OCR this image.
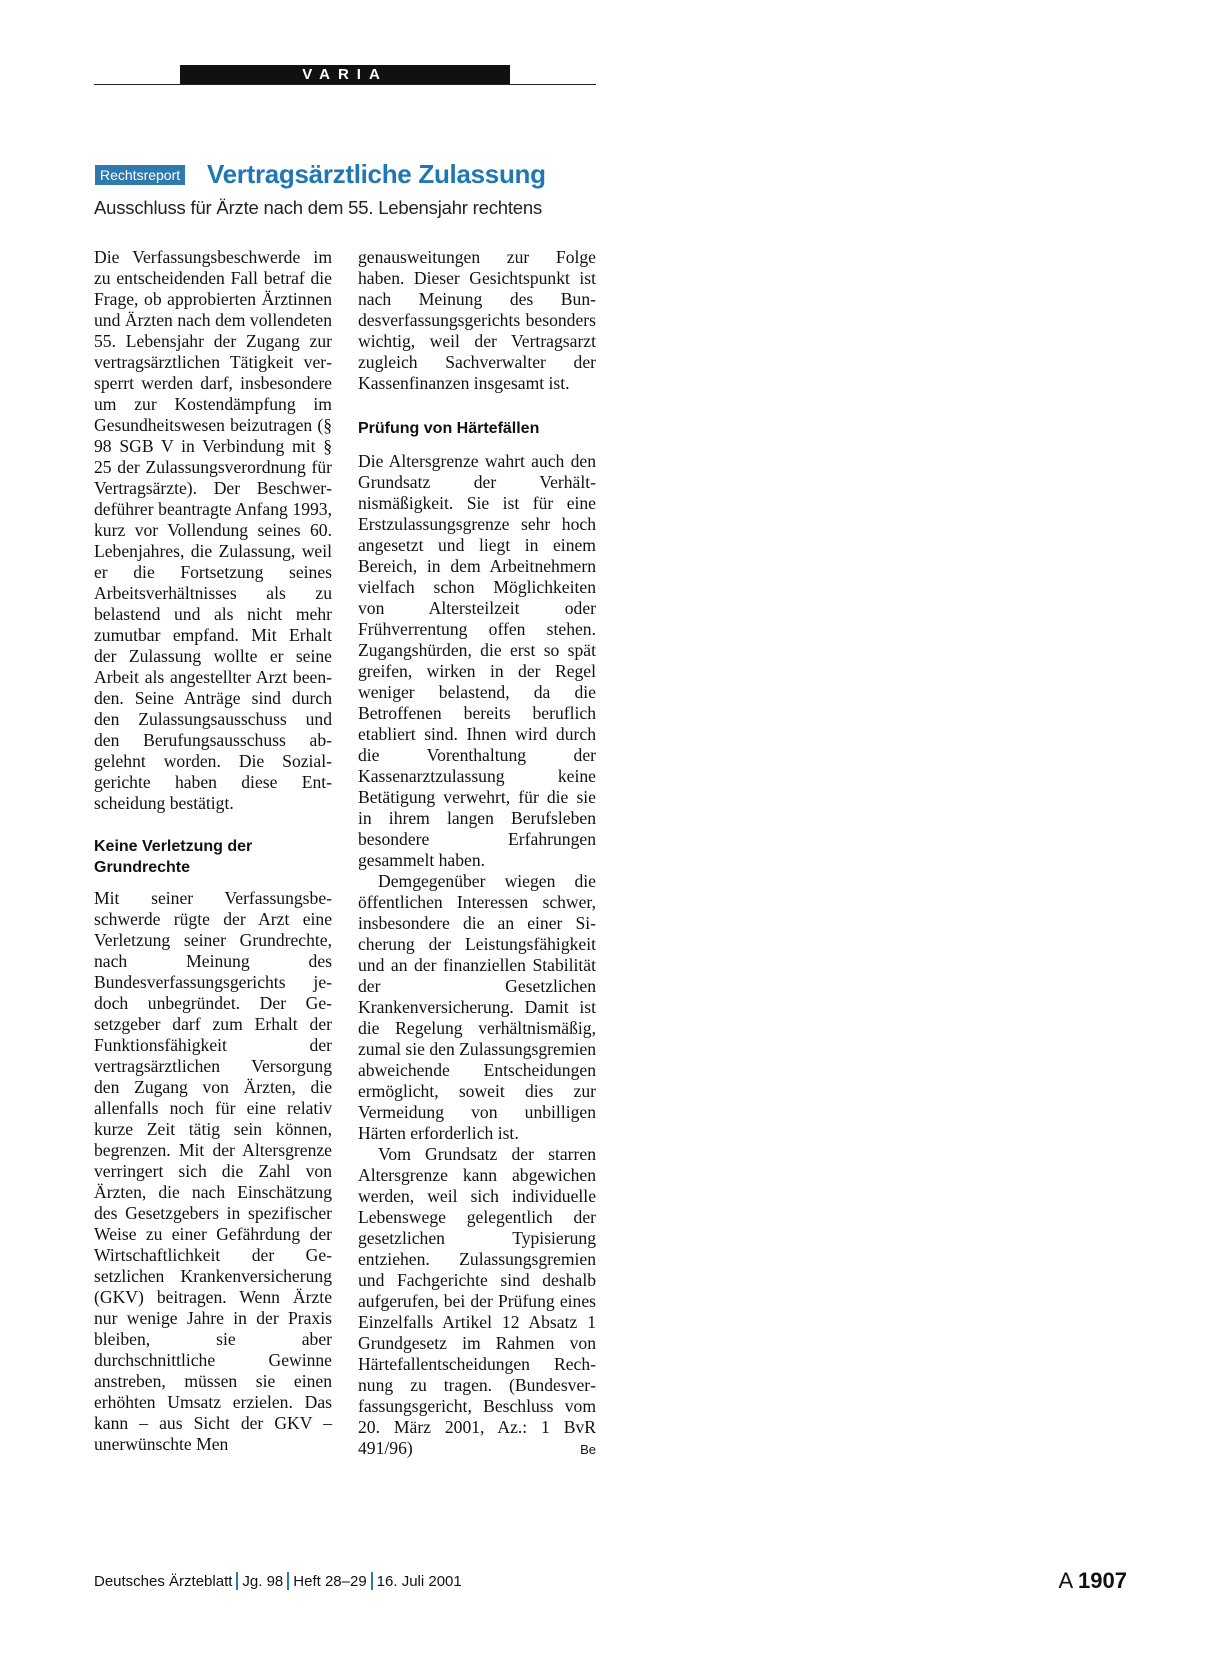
VARIA
Rechtsreport Vertragsärztliche Zulassung
Ausschluss für Ärzte nach dem 55. Lebensjahr rechtens

Die Verfassungsbeschwerde im zu entscheidenden Fall betraf die Frage, ob approbierten Ärztinnen und Ärzten nach dem vollendeten 55. Lebensjahr der Zugang zur vertragsärztlichen Tätigkeit versperrt werden darf, insbesondere um zur Kostendämpfung im Gesundheitswesen beizutragen (§ 98 SGB V in Verbindung mit § 25 der Zulassungsverordnung für Vertragsärzte). Der Beschwerdeführer beantragte Anfang 1993, kurz vor Vollendung seines 60. Lebenjahres, die Zulassung, weil er die Fortsetzung seines Arbeitsverhältnisses als zu belastend und als nicht mehr zumutbar empfand. Mit Erhalt der Zulassung wollte er seine Arbeit als angestellter Arzt beenden. Seine Anträge sind durch den Zulassungsausschuss und den Berufungsausschuss abgelehnt worden. Die Sozialgerichte haben diese Entscheidung bestätigt.

Keine Verletzung der Grundrechte

Mit seiner Verfassungsbeschwerde rügte der Arzt eine Verletzung seiner Grundrechte, nach Meinung des Bundesverfassungsgerichts jedoch unbegründet. Der Gesetzgeber darf zum Erhalt der Funktionsfähigkeit der vertragsärztlichen Versorgung den Zugang von Ärzten, die allenfalls noch für eine relativ kurze Zeit tätig sein können, begrenzen. Mit der Altersgrenze verringert sich die Zahl von Ärzten, die nach Einschätzung des Gesetzgebers in spezifischer Weise zu einer Gefährdung der Wirtschaftlichkeit der Gesetzlichen Krankenversicherung (GKV) beitragen. Wenn Ärzte nur wenige Jahre in der Praxis bleiben, sie aber durchschnittliche Gewinne anstreben, müssen sie einen erhöhten Umsatz erzielen. Das kann – aus Sicht der GKV – unerwünschte Men

genausweitungen zur Folge haben. Dieser Gesichtspunkt ist nach Meinung des Bundesverfassungsgerichts besonders wichtig, weil der Vertragsarzt zugleich Sachverwalter der Kassenfinanzen insgesamt ist.

Prüfung von Härtefällen

Die Altersgrenze wahrt auch den Grundsatz der Verhältnismäßigkeit. Sie ist für eine Erstzulassungsgrenze sehr hoch angesetzt und liegt in einem Bereich, in dem Arbeitnehmern vielfach schon Möglichkeiten von Altersteilzeit oder Frühverrentung offen stehen. Zugangshürden, die erst so spät greifen, wirken in der Regel weniger belastend, da die Betroffenen bereits beruflich etabliert sind. Ihnen wird durch die Vorenthaltung der Kassenarztzulassung keine Betätigung verwehrt, für die sie in ihrem langen Berufsleben besondere Erfahrungen gesammelt haben.

Demgegenüber wiegen die öffentlichen Interessen schwer, insbesondere die an einer Sicherung der Leistungsfähigkeit und an der finanziellen Stabilität der Gesetzlichen Krankenversicherung. Damit ist die Regelung verhältnismäßig, zumal sie den Zulassungsgremien abweichende Entscheidungen ermöglicht, soweit dies zur Vermeidung von unbilligen Härten erforderlich ist.

Vom Grundsatz der starren Altersgrenze kann abgewichen werden, weil sich individuelle Lebenswege gelegentlich der gesetzlichen Typisierung entziehen. Zulassungsgremien und Fachgerichte sind deshalb aufgerufen, bei der Prüfung eines Einzelfalls Artikel 12 Absatz 1 Grundgesetz im Rahmen von Härtefallentscheidungen Rechnung zu tragen. (Bundesverfassungsgericht, Beschluss vom 20. März 2001, Az.: 1 BvR 491/96)	Be
Deutsches Ärzteblatt Jg. 98 Heft 28–29 16. Juli 2001	A 1907
